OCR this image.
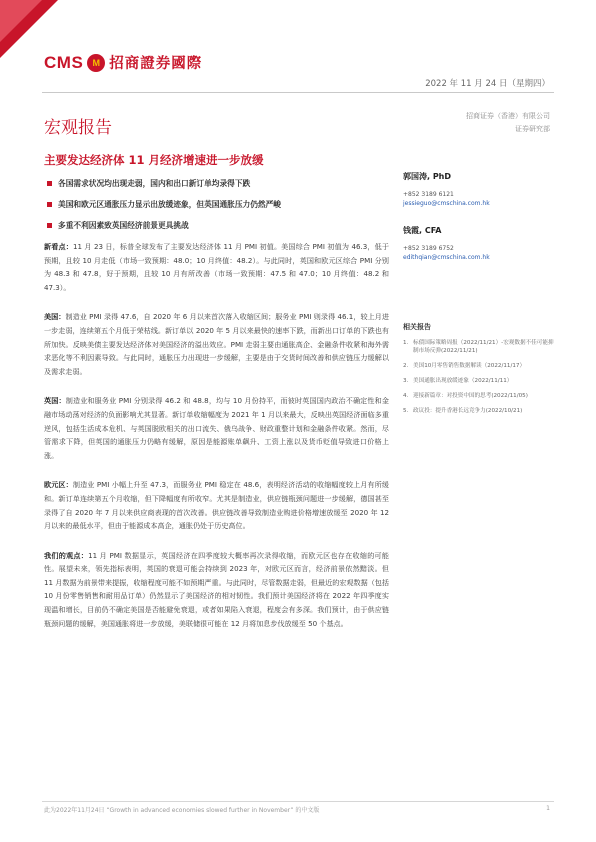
CMS M 招商證券國際
2022 年 11 月 24 日（星期四）
宏观报告
招商证券（香港）有限公司
证券研究部
主要发达经济体 11 月经济增速进一步放缓
各国需求状况均出现走弱，国内和出口新订单均录得下跌
美国和欧元区通胀压力显示出放缓迹象，但英国通胀压力仍然严峻
多重不利因素致英国经济前景更具挑战
郭国涛, PhD
+852 3189 6121
jessieguo@cmschina.com.hk
钱霞, CFA
+852 3189 6752
edithqian@cmschina.com.hk
相关报告
1. 标債国际策略周报（2022/11/21）-宏观数据不佳可能抑制市场反弹(2022/11/21)
2. 美国10月零售销售数据解读（2022/11/17）
3. 美国通胀出现放缓迹象（2022/11/11）
4. 迎接新篇章：对投资中国的思考(2022/11/05)
5. 政议投：提升香港长远竞争力(2022/10/21)

新看点：11 月 23 日，标普全球发布了主要发达经济体 11 月 PMI 初值。美国综合 PMI 初值为 46.3，低于预期，且较 10 月走低（市场一致预期：48.0；10 月终值：48.2）。与此同时，英国和欧元区综合 PMI 分别为 48.3 和 47.8，好于预期，且较 10 月有所改善（市场一致预期：47.5 和 47.0；10 月终值：48.2 和 47.3）。

美国：制造业 PMI 录得 47.6，自 2020 年 6 月以来首次落入收缩区间；服务业 PMI 则录得 46.1，较上月进一步走弱，连续第五个月低于荣枯线。新订单以 2020 年 5 月以来最快的速率下跌，而新出口订单的下跌也有所加快。反映美债主要发达经济体对美国经济的溢出效应。PMI 走弱主要由通胀高企、金融条件收紧和海外需求恶化等不利因素导致。与此同时，通胀压力出现进一步缓解，主要是由于交货时间改善和供应链压力缓解以及需求走弱。

英国：制造业和服务业 PMI 分别录得 46.2 和 48.8，均与 10 月份持平，而彼时英国国内政治不确定性和金融市场动荡对经济的负面影响尤其显著。新订单收缩幅度为 2021 年 1 月以来最大，反映出英国经济面临多重逆风，包括生活成本危机、与英国脱欧相关的出口流失、俄乌战争、财政重整计划和金融条件收紧。然而，尽管需求下降，但英国的通胀压力仍略有缓解，原因是能源账单飙升、工资上涨以及货币贬值导致进口价格上涨。

欧元区：制造业 PMI 小幅上升至 47.3，而服务业 PMI 稳定在 48.6，表明经济活动的收缩幅度较上月有所缓和。新订单连续第五个月收缩，但下降幅度有所收窄。尤其是制造业，供应链瓶颈问题进一步缓解，德国甚至录得了自 2020 年 7 月以来供应商表现的首次改善。供应链改善导致制造业购进价格增速放缓至 2020 年 12 月以来的最低水平，但由于能源成本高企，通胀仍处于历史高位。

我们的观点：11 月 PMI 数据显示，英国经济在四季度较大概率再次录得收缩，而欧元区也存在收缩的可能性。展望未来，领先指标表明，英国的衰退可能会持续到 2023 年，对欧元区而言，经济前景依然黯淡。但 11 月数据为前景带来提振，收缩程度可能不如预期严重。与此同时，尽管数据走弱，但最近的宏观数据（包括 10 月份零售销售和耐用品订单）仍然显示了美国经济的相对韧性。我们预计美国经济将在 2022 年四季度实现温和增长，目前仍不确定美国是否能避免衰退，或者如果陷入衰退，程度会有多深。我们预计，由于供应链瓶颈问题的缓解，美国通胀将进一步放缓，美联储很可能在 12 月将加息步伐放缓至 50 个基点。

此为2022年11月24日 “Growth in advanced economies slowed further in November” 的中文版	1
